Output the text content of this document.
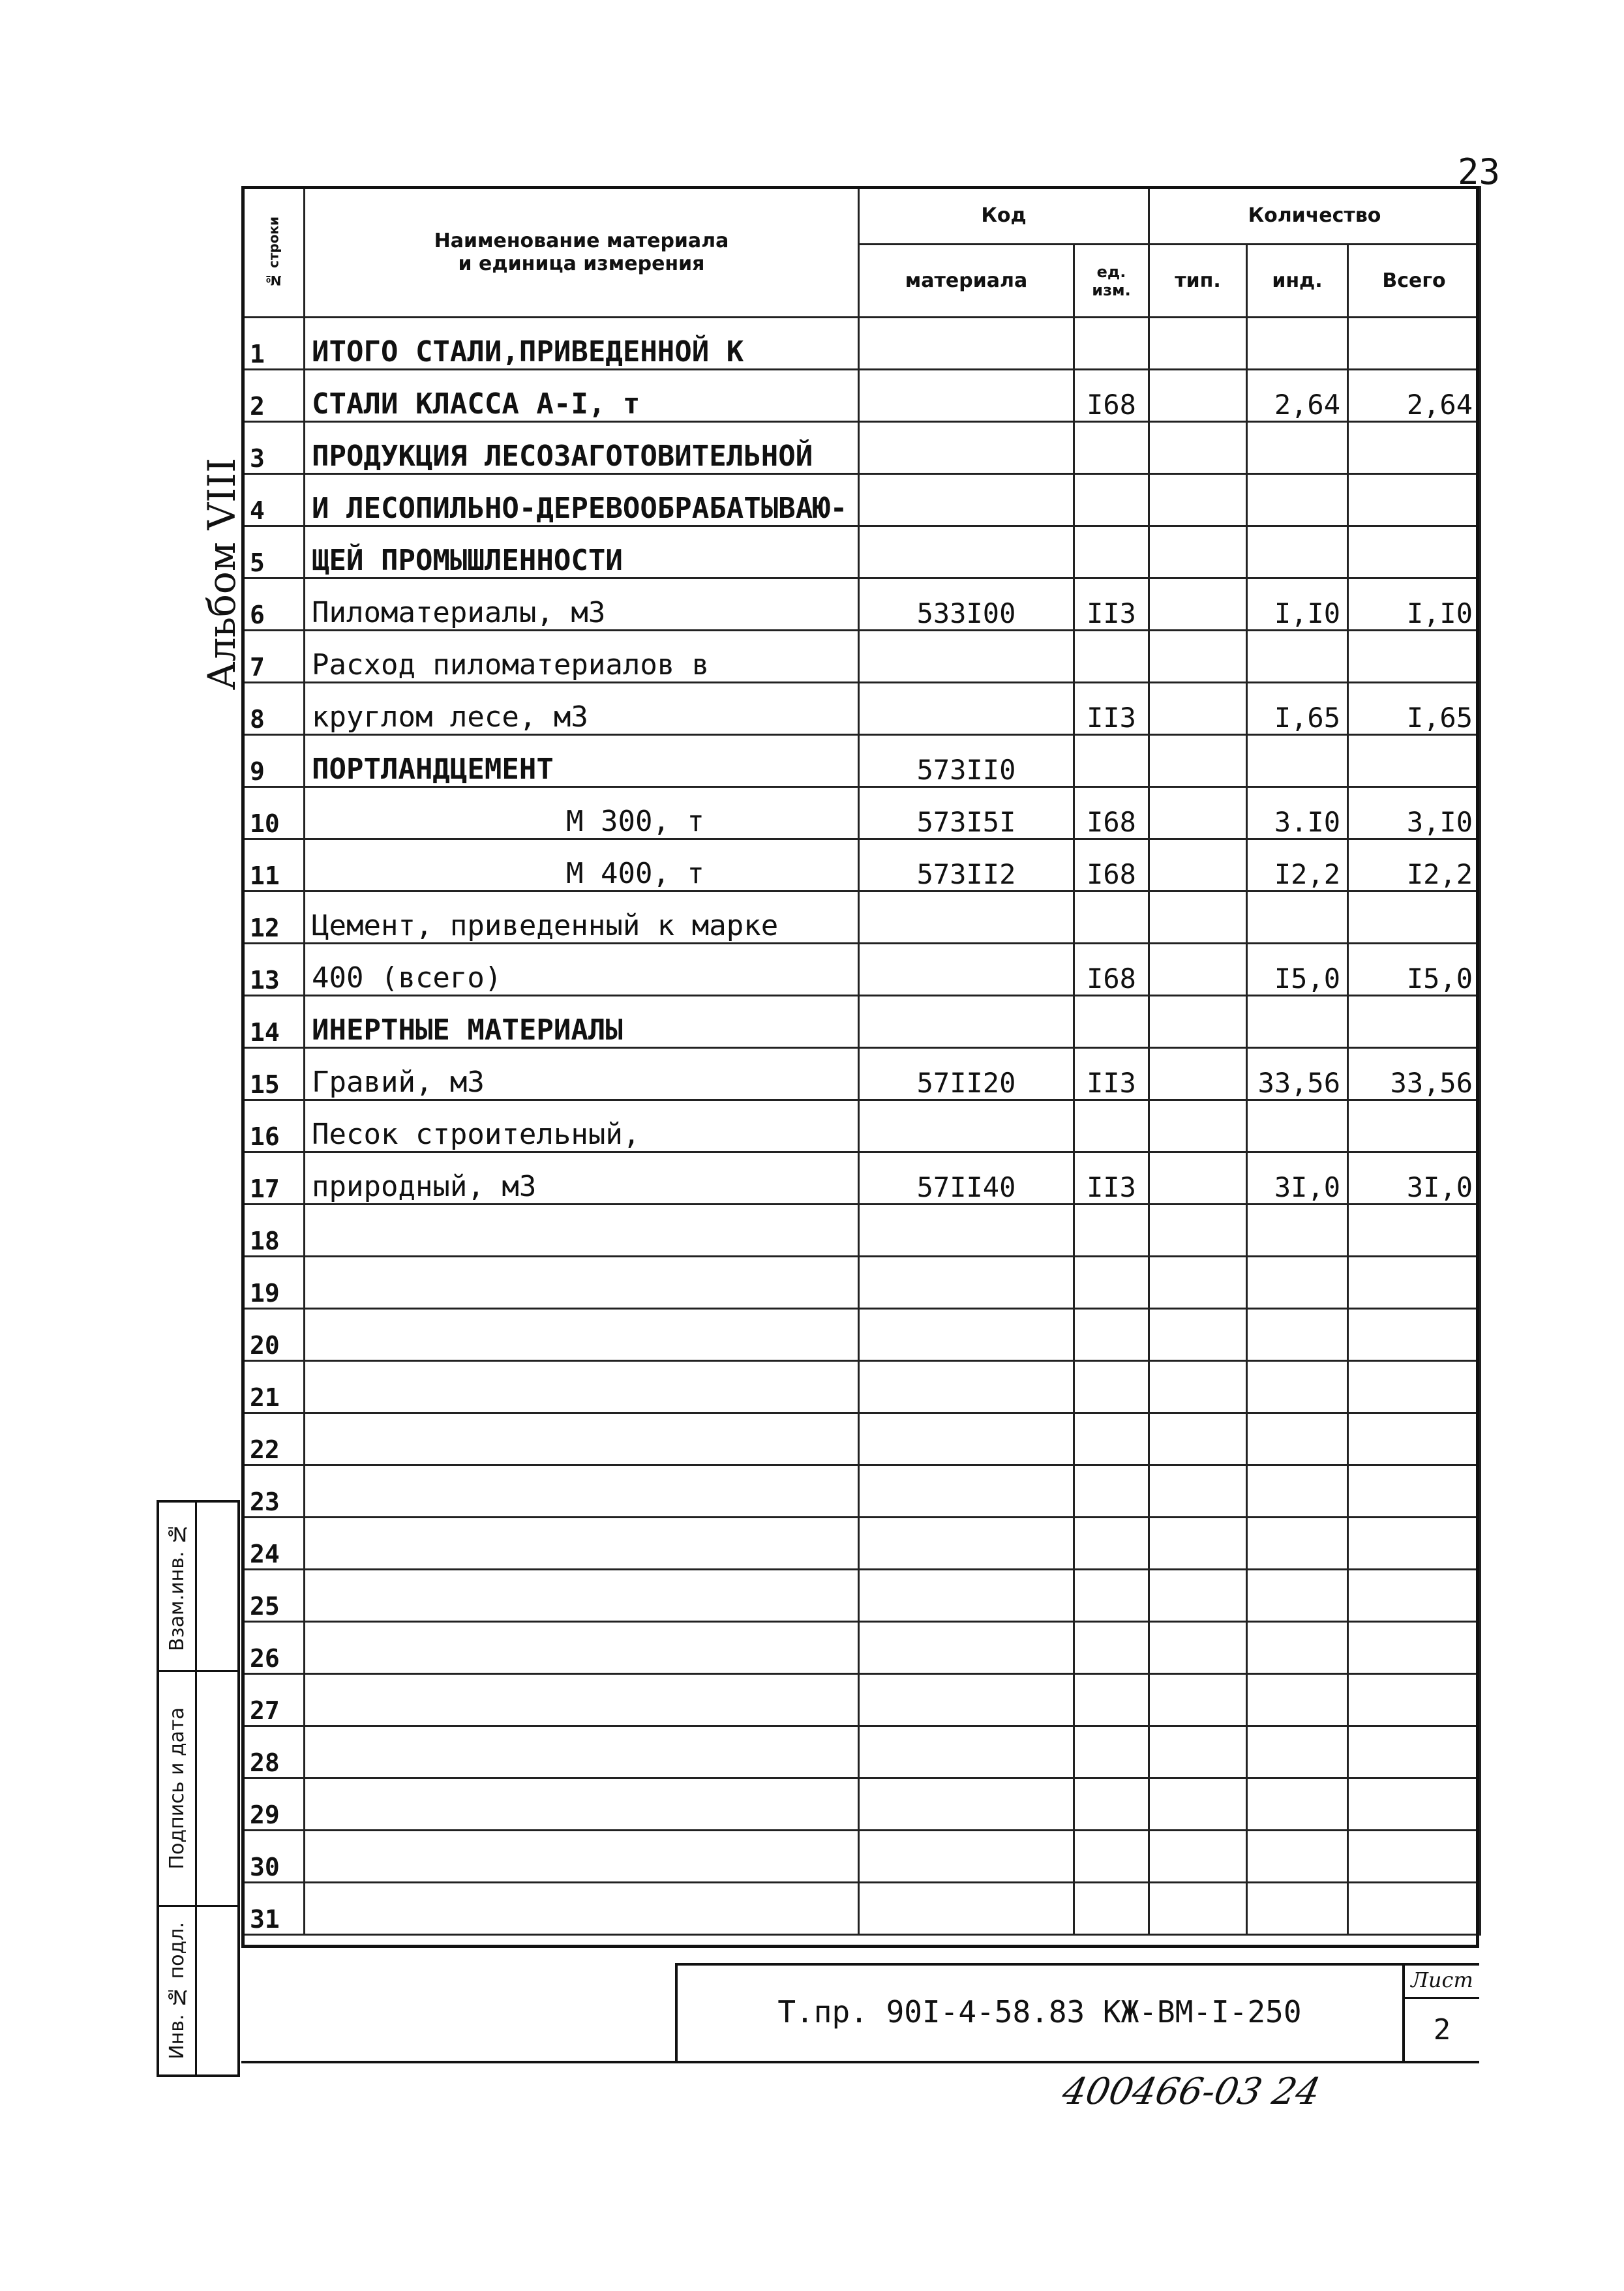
23
Альбом VIII
№ строки	Наименование материала
и единица измерения	Код		Количество		
		материала	ед. изм.	тип.	инд.	Всего
1	ИТОГО СТАЛИ,ПРИВЕДЕННОЙ К					
2	СТАЛИ КЛАССА А-I, т		I68		2,64	2,64
3	ПРОДУКЦИЯ ЛЕСОЗАГОТОВИТЕЛЬНОЙ					
4	И ЛЕСОПИЛЬНО-ДЕРЕВООБРАБАТЫВАЮ-					
5	ЩЕЙ ПРОМЫШЛЕННОСТИ					
6	Пиломатериалы, м3	533I00	II3		I,I0	I,I0
7	Расход пиломатериалов в					
8	круглом лесе, м3		II3		I,65	I,65
9	ПОРТЛАНДЦЕМЕНТ	573II0				
10	М 300, т	573I5I	I68		3.I0	3,I0
11	М 400, т	573II2	I68		I2,2	I2,2
12	Цемент, приведенный к марке					
13	400 (всего)		I68		I5,0	I5,0
14	ИНЕРТНЫЕ МАТЕРИАЛЫ					
15	Гравий, м3	57II20	II3		33,56	33,56
16	Песок строительный,					
17	природный, м3	57II40	II3		3I,0	3I,0
18						
19						
20						
21						
22						
23						
24						
25						
26						
27						
28						
29						
30						
31						
Взам.инв. №
Подпись и дата
Инв. № подл.	Т.пр. 90I-4-58.83 КЖ-ВМ-I-250
Лист
2
400466-03 24
